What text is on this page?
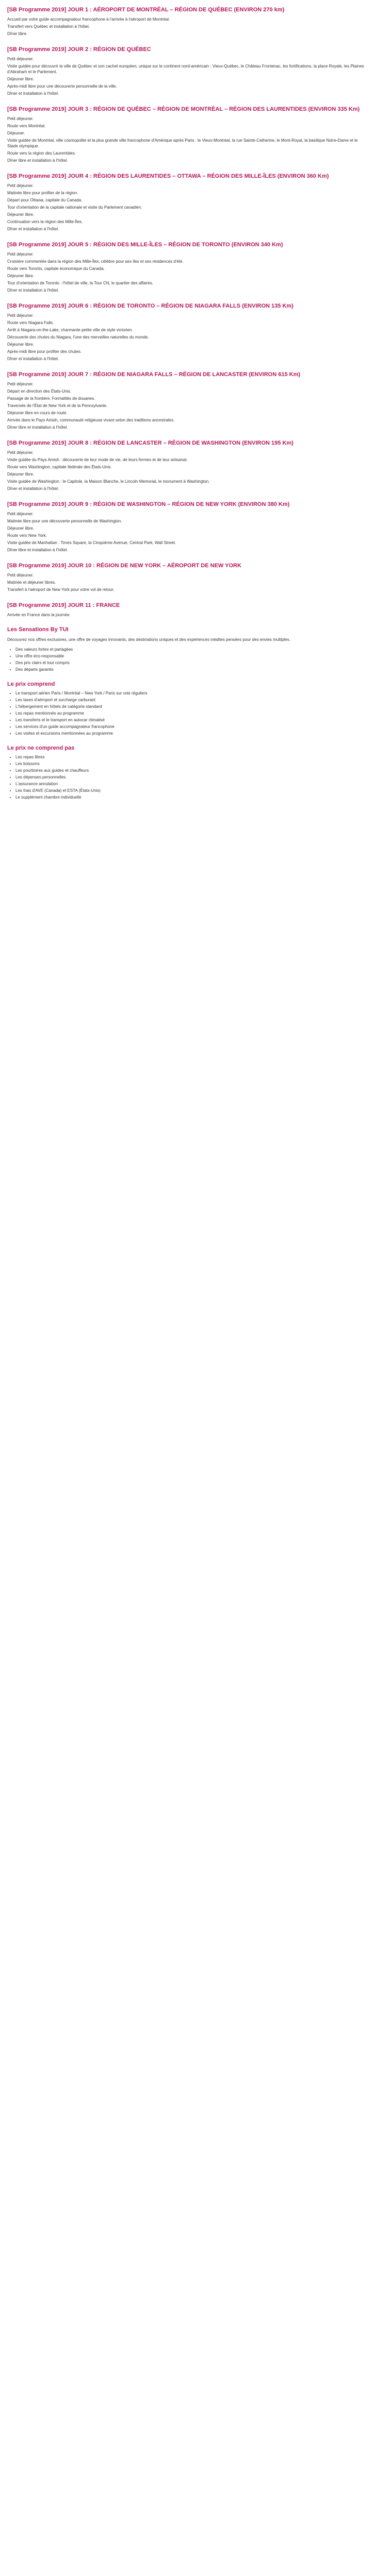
[SB Programme 2019] JOUR 1 : AÉROPORT DE MONTRÉAL – RÉGION DE QUÉBEC (ENVIRON 270 km)

Accueil par votre guide accompagnateur francophone à l'arrivée à l'aéroport de Montréal.

Transfert vers Québec et installation à l'hôtel.

Dîner libre.

[SB Programme 2019] JOUR 2 : RÉGION DE QUÉBEC

Petit déjeuner.

Visite guidée pour découvrir la ville de Québec et son cachet européen, unique sur le continent nord-américain : Vieux-Québec, le Château Frontenac, les fortifications, la place Royale, les Plaines d'Abraham et le Parlement.

Déjeuner libre.

Après-midi libre pour une découverte personnelle de la ville.

Dîner et installation à l'hôtel.

[SB Programme 2019] JOUR 3 : RÉGION DE QUÉBEC – RÉGION DE MONTRÉAL – RÉGION DES LAURENTIDES (ENVIRON 335 Km)

Petit déjeuner.

Route vers Montréal.

Déjeuner.

Visite guidée de Montréal, ville cosmopolite et la plus grande ville francophone d'Amérique après Paris : le Vieux-Montréal, la rue Sainte-Catherine, le Mont-Royal, la basilique Notre-Dame et le Stade olympique.

Route vers la région des Laurentides.

Dîner libre et installation à l'hôtel.

[SB Programme 2019] JOUR 4 : RÉGION DES LAURENTIDES – OTTAWA – RÉGION DES MILLE-ÎLES (ENVIRON 360 Km)

Petit déjeuner.

Matinée libre pour profiter de la région.

Départ pour Ottawa, capitale du Canada.

Tour d'orientation de la capitale nationale et visite du Parlement canadien.

Déjeuner libre.

Continuation vers la région des Mille-Îles.

Dîner et installation à l'hôtel.

[SB Programme 2019] JOUR 5 : RÉGION DES MILLE-ÎLES – RÉGION DE TORONTO (ENVIRON 340 Km)

Petit déjeuner.

Croisière commentée dans la région des Mille-Îles, célèbre pour ses îles et ses résidences d'été.

Route vers Toronto, capitale économique du Canada.

Déjeuner libre.

Tour d'orientation de Toronto : l'hôtel de ville, la Tour CN, le quartier des affaires.

Dîner et installation à l'hôtel.

[SB Programme 2019] JOUR 6 : RÉGION DE TORONTO – RÉGION DE NIAGARA FALLS (ENVIRON 135 Km)

Petit déjeuner.

Route vers Niagara Falls.

Arrêt à Niagara-on-the-Lake, charmante petite ville de style victorien.

Découverte des chutes du Niagara, l'une des merveilles naturelles du monde.

Déjeuner libre.

Après-midi libre pour profiter des chutes.

Dîner et installation à l'hôtel.

[SB Programme 2019] JOUR 7 : RÉGION DE NIAGARA FALLS – RÉGION DE LANCASTER (ENVIRON 615 Km)

Petit déjeuner.

Départ en direction des États-Unis.

Passage de la frontière. Formalités de douanes.

Traversée de l'État de New York et de la Pennsylvanie.

Déjeuner libre en cours de route.

Arrivée dans le Pays Amish, communauté religieuse vivant selon des traditions ancestrales.

Dîner libre et installation à l'hôtel.

[SB Programme 2019] JOUR 8 : RÉGION DE LANCASTER – RÉGION DE WASHINGTON (ENVIRON 195 Km)

Petit déjeuner.

Visite guidée du Pays Amish : découverte de leur mode de vie, de leurs fermes et de leur artisanat.

Route vers Washington, capitale fédérale des États-Unis.

Déjeuner libre.

Visite guidée de Washington : le Capitole, la Maison Blanche, le Lincoln Memorial, le monument à Washington.

Dîner et installation à l'hôtel.

[SB Programme 2019] JOUR 9 : RÉGION DE WASHINGTON – RÉGION DE NEW YORK (ENVIRON 380 Km)

Petit déjeuner.

Matinée libre pour une découverte personnelle de Washington.

Déjeuner libre.

Route vers New York.

Visite guidée de Manhattan : Times Square, la Cinquième Avenue, Central Park, Wall Street.

Dîner libre et installation à l'hôtel.

[SB Programme 2019] JOUR 10 : RÉGION DE NEW YORK – AÉROPORT DE NEW YORK

Petit déjeuner.

Matinée et déjeuner libres.

Transfert à l'aéroport de New York pour votre vol de retour.

[SB Programme 2019] JOUR 11 : FRANCE

Arrivée en France dans la journée.

Les Sensations By TUI

Découvrez nos offres exclusives, une offre de voyages innovants, des destinations uniques et des expériences inédites pensées pour des envies multiples.

• Des valeurs fortes et partagées
• Une offre éco-responsable
• Des prix clairs et tout compris
• Des départs garantis
Le prix comprend
• Le transport aérien Paris / Montréal – New York / Paris sur vols réguliers
• Les taxes d'aéroport et surcharge carburant
• L'hébergement en hôtels de catégorie standard
• Les repas mentionnés au programme
• Les transferts et le transport en autocar climatisé
• Les services d'un guide accompagnateur francophone
• Les visites et excursions mentionnées au programme
Le prix ne comprend pas
• Les repas libres
• Les boissons
• Les pourboires aux guides et chauffeurs
• Les dépenses personnelles
• L'assurance annulation
• Les frais d'AVE (Canada) et ESTA (États-Unis)
• Le supplément chambre individuelle
